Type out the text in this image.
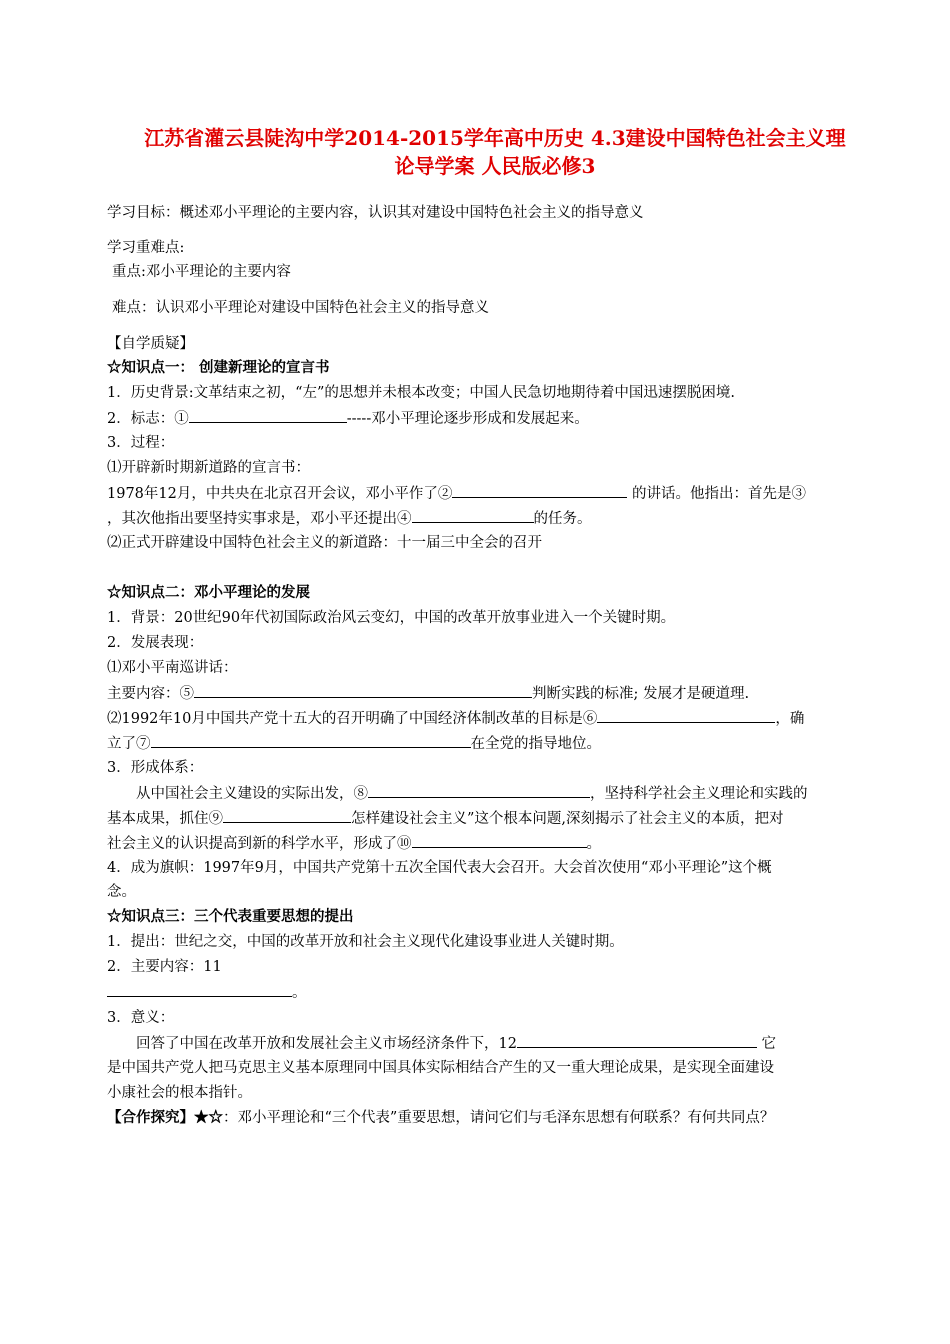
江苏省灌云县陡沟中学2014-2015学年高中历史 4.3建设中国特色社会主义理
论导学案 人民版必修3
学习目标：概述邓小平理论的主要内容，认识其对建设中国特色社会主义的指导意义
学习重难点:
重点:邓小平理论的主要内容
难点：认识邓小平理论对建设中国特色社会主义的指导意义
【自学质疑】
☆知识点一： 创建新理论的宣言书
1．历史背景:文革结束之初，“左”的思想并未根本改变；中国人民急切地期待着中国迅速摆脱困境.
2．标志：①	-----邓小平理论逐步形成和发展起来。
3．过程：
⑴开辟新时期新道路的宣言书：
1978年12月，中共央在北京召开会议，邓小平作了②	的讲话。他指出：首先是③
，其次他指出要坚持实事求是，邓小平还提出④	的任务。
⑵正式开辟建设中国特色社会主义的新道路：十一届三中全会的召开
☆知识点二：邓小平理论的发展
1．背景：20世纪90年代初国际政治风云变幻，中国的改革开放事业进入一个关键时期。
2．发展表现：
⑴邓小平南巡讲话：
主要内容：⑤	判断实践的标准; 发展才是硬道理.
⑵1992年10月中国共产党十五大的召开明确了中国经济体制改革的目标是⑥	，确
立了⑦	在全党的指导地位。
3．形成体系：
从中国社会主义建设的实际出发，⑧	，坚持科学社会主义理论和实践的
基本成果，抓住⑨	怎样建设社会主义”这个根本问题,深刻揭示了社会主义的本质，把对
社会主义的认识提高到新的科学水平，形成了⑩	。
4．成为旗帜：1997年9月，中国共产党第十五次全国代表大会召开。大会首次使用“邓小平理论”这个概
念。
☆知识点三：三个代表重要思想的提出
1．提出：世纪之交，中国的改革开放和社会主义现代化建设事业进人关键时期。
2．主要内容：11
。
3．意义：
回答了中国在改革开放和发展社会主义市场经济条件下，12	它
是中国共产党人把马克思主义基本原理同中国具体实际相结合产生的又一重大理论成果，是实现全面建设
小康社会的根本指针。
【合作探究】★☆：邓小平理论和“三个代表”重要思想，请问它们与毛泽东思想有何联系？有何共同点？
